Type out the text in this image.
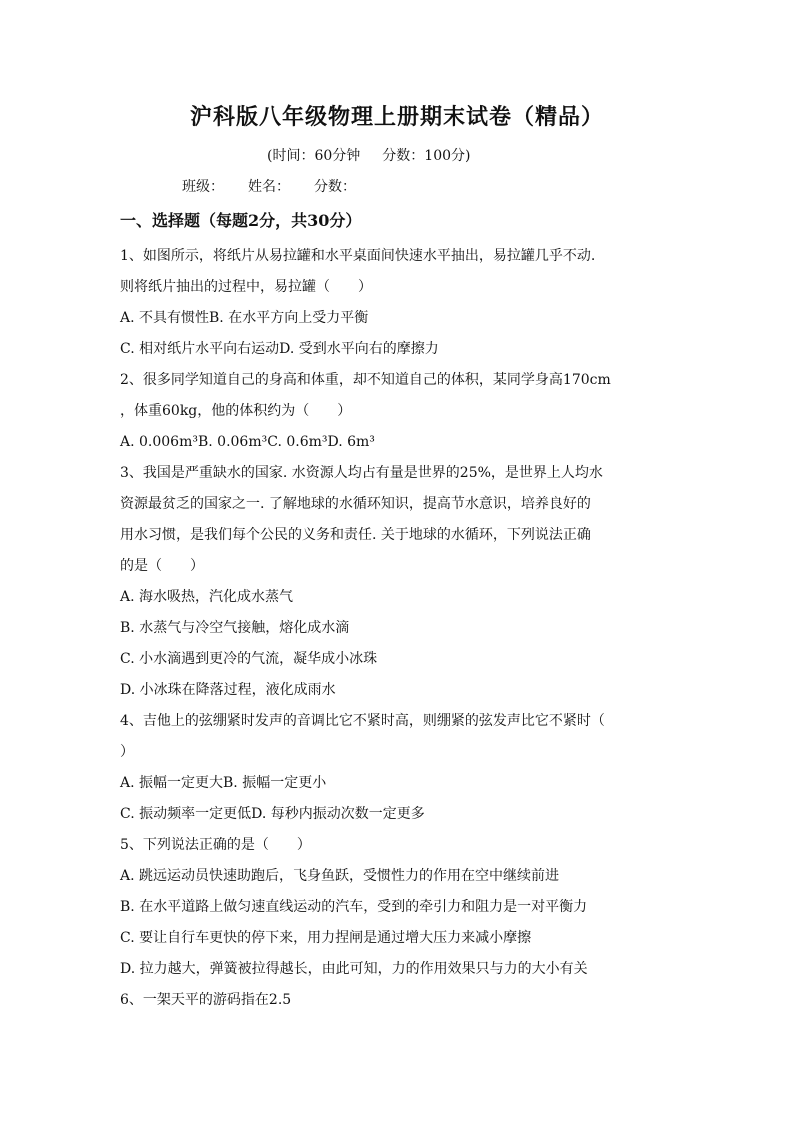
沪科版八年级物理上册期末试卷（精品）
(时间：60分钟 分数：100分)
班级： 姓名： 分数：
一、选择题（每题2分，共30分）
1、如图所示，将纸片从易拉罐和水平桌面间快速水平抽出，易拉罐几乎不动.
则将纸片抽出的过程中，易拉罐（　　）
A. 不具有惯性B. 在水平方向上受力平衡
C. 相对纸片水平向右运动D. 受到水平向右的摩擦力
2、很多同学知道自己的身高和体重，却不知道自己的体积，某同学身高170cm
，体重60kg，他的体积约为（　　）
A. 0.006m³B. 0.06m³C. 0.6m³D. 6m³
3、我国是严重缺水的国家. 水资源人均占有量是世界的25%，是世界上人均水
资源最贫乏的国家之一. 了解地球的水循环知识，提高节水意识，培养良好的
用水习惯，是我们每个公民的义务和责任. 关于地球的水循环，下列说法正确
的是（　　）
A. 海水吸热，汽化成水蒸气
B. 水蒸气与冷空气接触，熔化成水滴
C. 小水滴遇到更冷的气流，凝华成小冰珠
D. 小冰珠在降落过程，液化成雨水
4、吉他上的弦绷紧时发声的音调比它不紧时高，则绷紧的弦发声比它不紧时（
）
A. 振幅一定更大B. 振幅一定更小
C. 振动频率一定更低D. 每秒内振动次数一定更多
5、下列说法正确的是（　　）
A. 跳远运动员快速助跑后，飞身鱼跃，受惯性力的作用在空中继续前进
B. 在水平道路上做匀速直线运动的汽车，受到的牵引力和阻力是一对平衡力
C. 要让自行车更快的停下来，用力捏闸是通过增大压力来减小摩擦
D. 拉力越大，弹簧被拉得越长，由此可知，力的作用效果只与力的大小有关
6、一架天平的游码指在2.5
